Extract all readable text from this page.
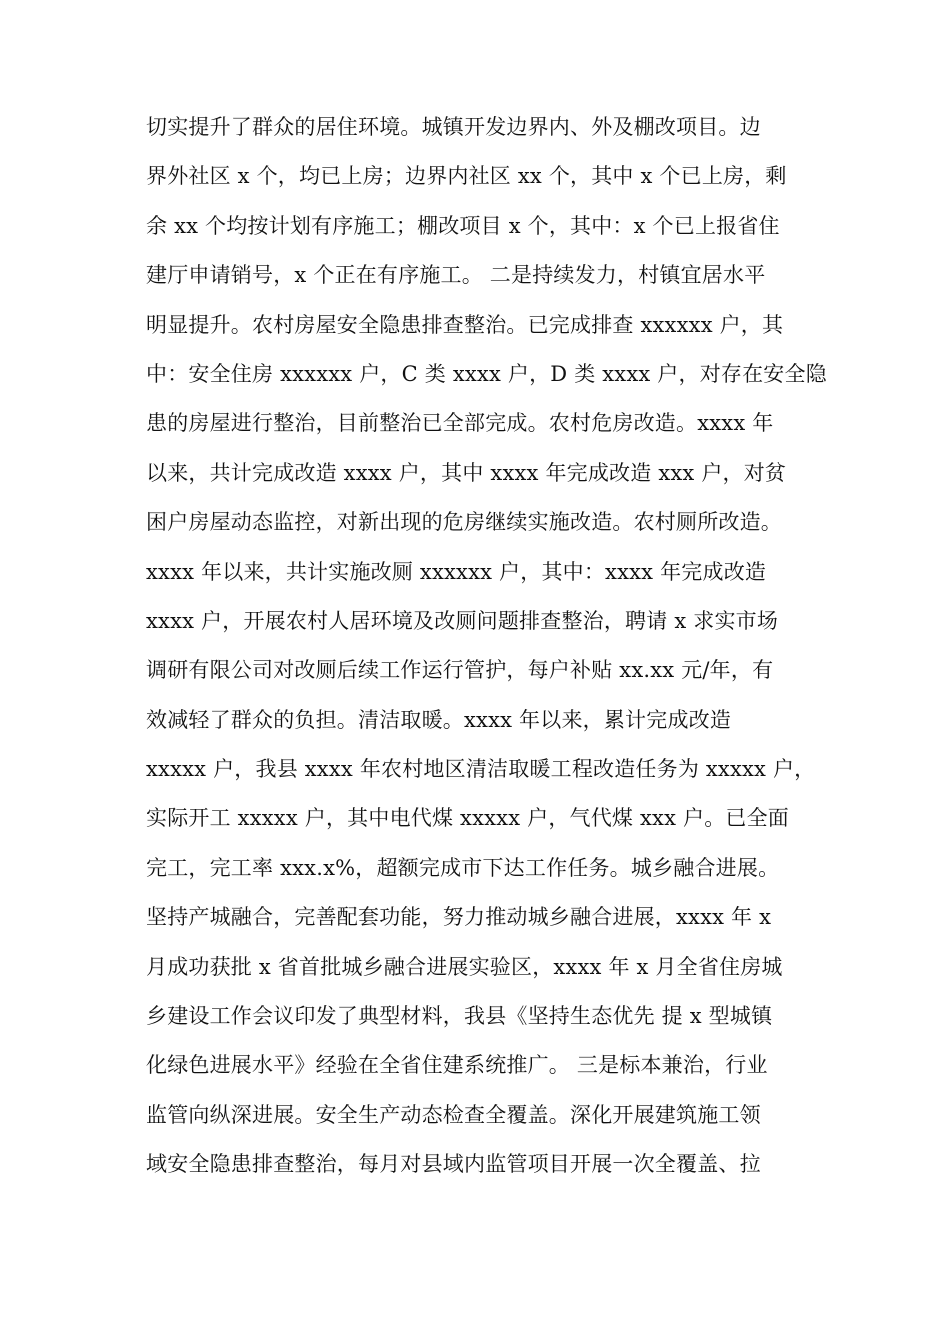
切实提升了群众的居住环境。城镇开发边界内、外及棚改项目。边
界外社区 x 个，均已上房；边界内社区 xx 个，其中 x 个已上房，剩
余 xx 个均按计划有序施工；棚改项目 x 个，其中：x 个已上报省住
建厅申请销号，x 个正在有序施工。 二是持续发力，村镇宜居水平
明显提升。农村房屋安全隐患排查整治。已完成排查 xxxxxx 户，其
中：安全住房 xxxxxx 户，C 类 xxxx 户，D 类 xxxx 户，对存在安全隐
患的房屋进行整治，目前整治已全部完成。农村危房改造。xxxx 年
以来，共计完成改造 xxxx 户，其中 xxxx 年完成改造 xxx 户，对贫
困户房屋动态监控，对新出现的危房继续实施改造。农村厕所改造。
xxxx 年以来，共计实施改厕 xxxxxx 户，其中：xxxx 年完成改造
xxxx 户，开展农村人居环境及改厕问题排查整治，聘请 x 求实市场
调研有限公司对改厕后续工作运行管护，每户补贴 xx.xx 元/年，有
效减轻了群众的负担。清洁取暖。xxxx 年以来，累计完成改造
xxxxx 户，我县 xxxx 年农村地区清洁取暖工程改造任务为 xxxxx 户，
实际开工 xxxxx 户，其中电代煤 xxxxx 户，气代煤 xxx 户。已全面
完工，完工率 xxx.x%，超额完成市下达工作任务。城乡融合进展。
坚持产城融合，完善配套功能，努力推动城乡融合进展，xxxx 年 x
月成功获批 x 省首批城乡融合进展实验区，xxxx 年 x 月全省住房城
乡建设工作会议印发了典型材料，我县《坚持生态优先 提 x 型城镇
化绿色进展水平》经验在全省住建系统推广。 三是标本兼治，行业
监管向纵深进展。安全生产动态检查全覆盖。深化开展建筑施工领
域安全隐患排查整治，每月对县域内监管项目开展一次全覆盖、拉
